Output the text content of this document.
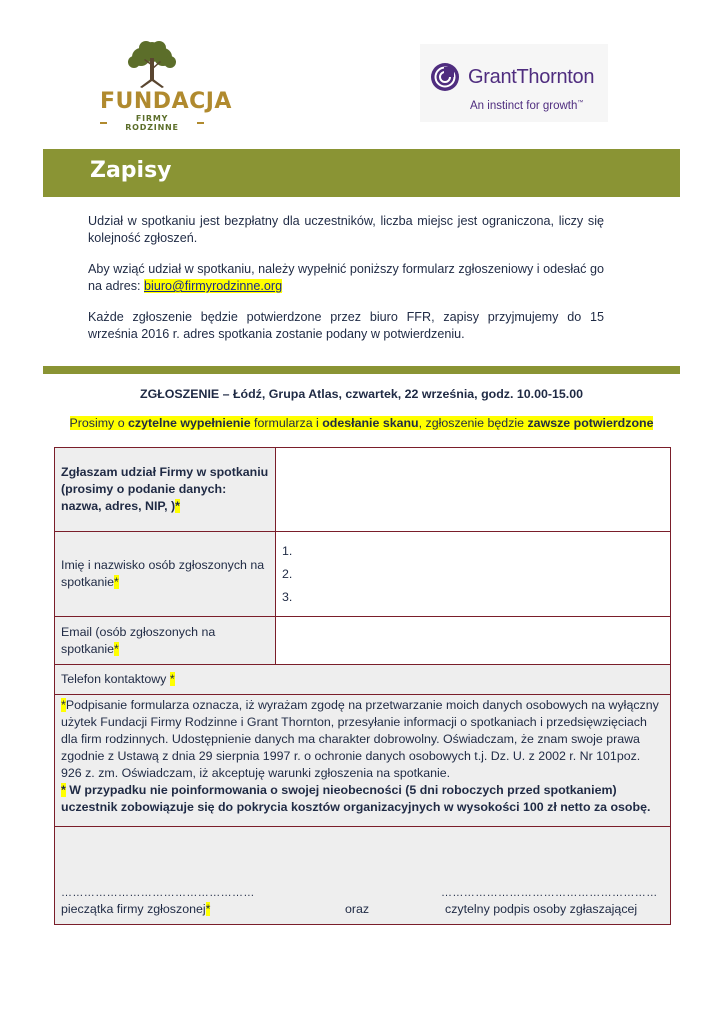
FUNDACJA
FIRMY RODZINNE
GrantThornton
An instinct for growth™
Zapisy

Udział w spotkaniu jest bezpłatny dla uczestników, liczba miejsc jest ograniczona, liczy się kolejność zgłoszeń.

Aby wziąć udział w spotkaniu, należy wypełnić poniższy formularz zgłoszeniowy i odesłać go na adres: biuro@firmyrodzinne.org

Każde zgłoszenie będzie potwierdzone przez biuro FFR, zapisy przyjmujemy do 15 września 2016 r. adres spotkania zostanie podany w potwierdzeniu.

ZGŁOSZENIE – Łódź, Grupa Atlas, czwartek, 22 września, godz. 10.00-15.00
Prosimy o czytelne wypełnienie formularza i odesłanie skanu, zgłoszenie będzie zawsze potwierdzone
Zgłaszam udział Firmy w spotkaniu (prosimy o podanie danych: nazwa, adres, NIP, )*	
Imię i nazwisko osób zgłoszonych na spotkanie*	1.
2.
3.

Email (osób zgłoszonych na spotkanie*	
Telefon kontaktowy *	
*Podpisanie formularza oznacza, iż wyrażam zgodę na przetwarzanie moich danych osobowych na wyłączny użytek Fundacji Firmy Rodzinne i Grant Thornton, przesyłanie informacji o spotkaniach i przedsięwzięciach dla firm rodzinnych. Udostępnienie danych ma charakter dobrowolny. Oświadczam, że znam swoje prawa zgodnie z Ustawą z dnia 29 sierpnia 1997 r. o ochronie danych osobowych t.j. Dz. U. z 2002 r. Nr 101poz. 926 z. zm. Oświadczam, iż akceptuję warunki zgłoszenia na spotkanie.
* W przypadku nie poinformowania o swojej nieobecności (5 dni roboczych przed spotkaniem) uczestnik zobowiązuje się do pokrycia kosztów organizacyjnych w wysokości 100 zł netto za osobę.	

…………………………………………… …………………………………………………
pieczątka firmy zgłoszonej* oraz czytelny podpis osoby zgłaszającej	
